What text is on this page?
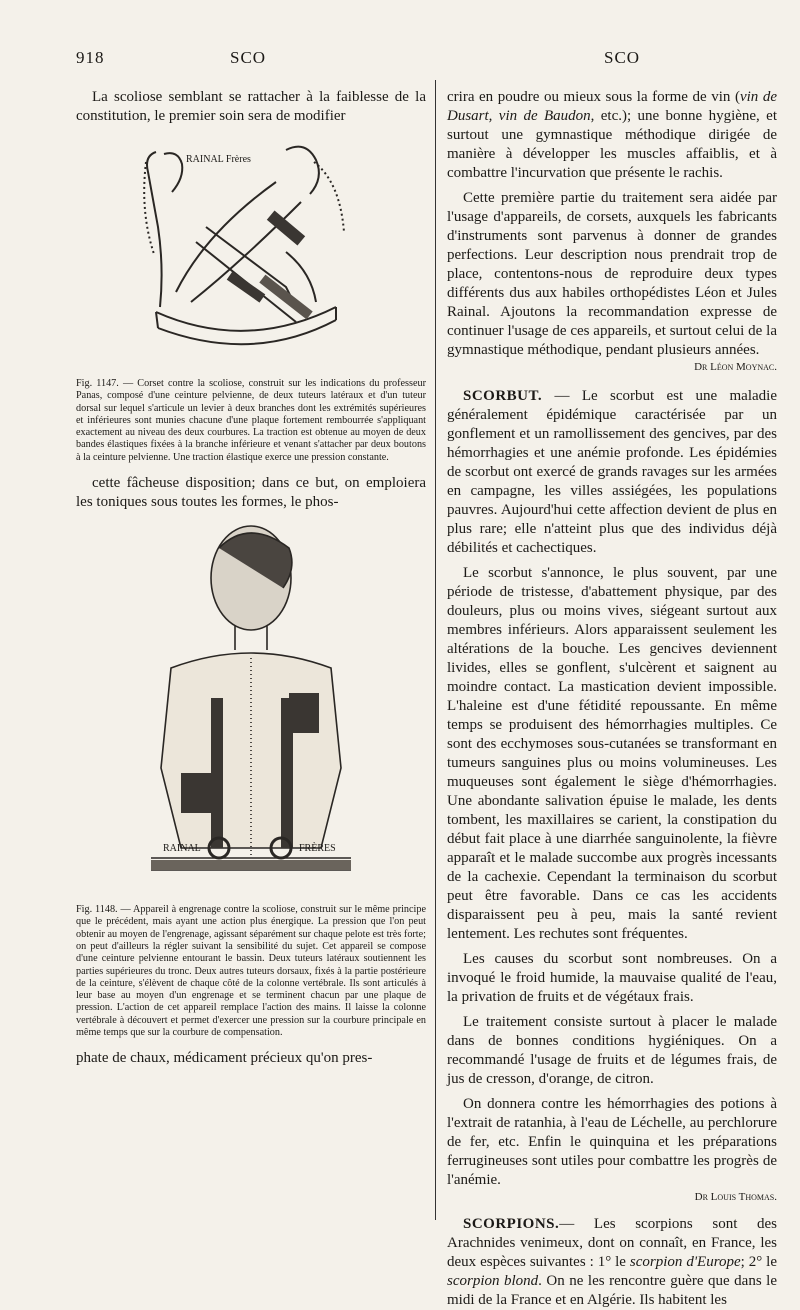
918	SCO	SCO

La scoliose semblant se rattacher à la faiblesse de la constitution, le premier soin sera de modifier

RAINAL Frères

Fig. 1147. — Corset contre la scoliose, construit sur les indications du professeur Panas, composé d'une ceinture pelvienne, de deux tuteurs latéraux et d'un tuteur dorsal sur lequel s'articule un levier à deux branches dont les extrémités supérieures et inférieures sont munies chacune d'une plaque fortement rembourrée s'appliquant exactement au niveau des deux courbures. La traction est obtenue au moyen de deux bandes élastiques fixées à la branche inférieure et venant s'attacher par deux boutons à la ceinture pelvienne. Une traction élastique exerce une pression constante.

cette fâcheuse disposition; dans ce but, on emploiera les toniques sous toutes les formes, le phos-

RAINAL	FRÈRES

Fig. 1148. — Appareil à engrenage contre la scoliose, construit sur le même principe que le précédent, mais ayant une action plus énergique. La pression que l'on peut obtenir au moyen de l'engrenage, agissant séparément sur chaque pelote est très forte; on peut d'ailleurs la régler suivant la sensibilité du sujet. Cet appareil se compose d'une ceinture pelvienne entourant le bassin. Deux tuteurs latéraux soutiennent les parties supérieures du tronc. Deux autres tuteurs dorsaux, fixés à la partie postérieure de la ceinture, s'élèvent de chaque côté de la colonne vertébrale. Ils sont articulés à leur base au moyen d'un engrenage et se terminent chacun par une plaque de pression. L'action de cet appareil remplace l'action des mains. Il laisse la colonne vertébrale à découvert et permet d'exercer une pression sur la courbure principale en même temps que sur la courbure de compensation.

phate de chaux, médicament précieux qu'on pres-

crira en poudre ou mieux sous la forme de vin (vin de Dusart, vin de Baudon, etc.); une bonne hygiène, et surtout une gymnastique méthodique dirigée de manière à développer les muscles affaiblis, et à combattre l'incurvation que présente le rachis.

Cette première partie du traitement sera aidée par l'usage d'appareils, de corsets, auxquels les fabricants d'instruments sont parvenus à donner de grandes perfections. Leur description nous prendrait trop de place, contentons-nous de reproduire deux types différents dus aux habiles orthopédistes Léon et Jules Rainal. Ajoutons la recommandation expresse de continuer l'usage de ces appareils, et surtout celui de la gymnastique méthodique, pendant plusieurs années.

Dr Léon Moynac.

SCORBUT. — Le scorbut est une maladie généralement épidémique caractérisée par un gonflement et un ramollissement des gencives, par des hémorrhagies et une anémie profonde. Les épidémies de scorbut ont exercé de grands ravages sur les armées en campagne, les villes assiégées, les populations pauvres. Aujourd'hui cette affection devient de plus en plus rare; elle n'atteint plus que des individus déjà débilités et cachectiques.

Le scorbut s'annonce, le plus souvent, par une période de tristesse, d'abattement physique, par des douleurs, plus ou moins vives, siégeant surtout aux membres inférieurs. Alors apparaissent seulement les altérations de la bouche. Les gencives deviennent livides, elles se gonflent, s'ulcèrent et saignent au moindre contact. La mastication devient impossible. L'haleine est d'une fétidité repoussante. En même temps se produisent des hémorrhagies multiples. Ce sont des ecchymoses sous-cutanées se transformant en tumeurs sanguines plus ou moins volumineuses. Les muqueuses sont également le siège d'hémorrhagies. Une abondante salivation épuise le malade, les dents tombent, les maxillaires se carient, la constipation du début fait place à une diarrhée sanguinolente, la fièvre apparaît et le malade succombe aux progrès incessants de la cachexie. Cependant la terminaison du scorbut peut être favorable. Dans ce cas les accidents disparaissent peu à peu, mais la santé revient lentement. Les rechutes sont fréquentes.

Les causes du scorbut sont nombreuses. On a invoqué le froid humide, la mauvaise qualité de l'eau, la privation de fruits et de végétaux frais.

Le traitement consiste surtout à placer le malade dans de bonnes conditions hygiéniques. On a recommandé l'usage de fruits et de légumes frais, de jus de cresson, d'orange, de citron.

On donnera contre les hémorrhagies des potions à l'extrait de ratanhia, à l'eau de Léchelle, au perchlorure de fer, etc. Enfin le quinquina et les préparations ferrugineuses sont utiles pour combattre les progrès de l'anémie.

Dr Louis Thomas.

SCORPIONS.— Les scorpions sont des Arachnides venimeux, dont on connaît, en France, les deux espèces suivantes : 1° le scorpion d'Europe; 2° le scorpion blond. On ne les rencontre guère que dans le midi de la France et en Algérie. Ils habitent les
